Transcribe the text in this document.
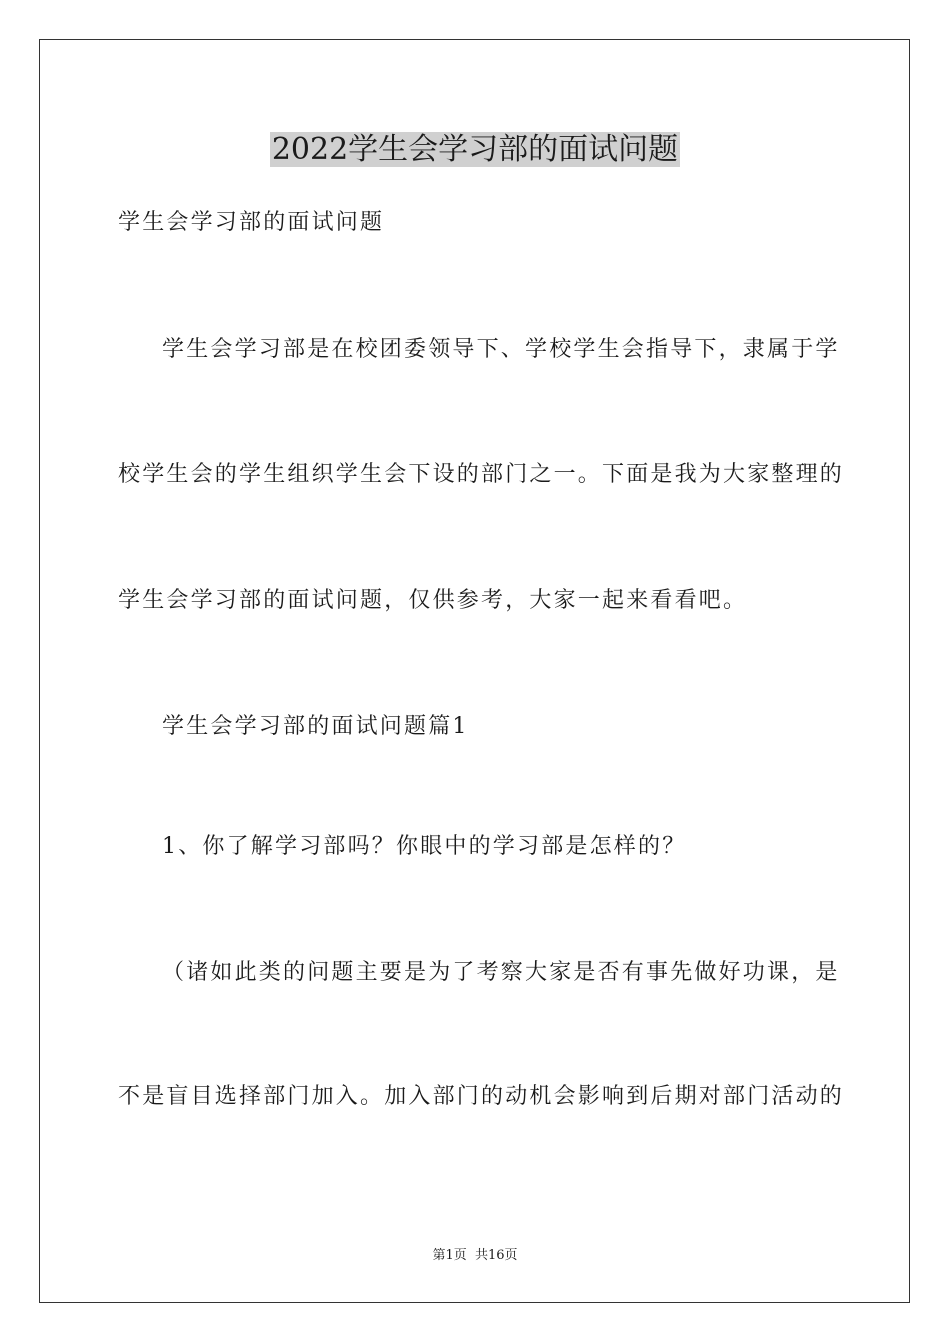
2022学生会学习部的面试问题

学生会学习部的面试问题

学生会学习部是在校团委领导下、学校学生会指导下，隶属于学

校学生会的学生组织学生会下设的部门之一。下面是我为大家整理的

学生会学习部的面试问题，仅供参考，大家一起来看看吧。

学生会学习部的面试问题篇1

1、你了解学习部吗？你眼中的学习部是怎样的？

（诸如此类的问题主要是为了考察大家是否有事先做好功课，是

不是盲目选择部门加入。加入部门的动机会影响到后期对部门活动的

第1页 共16页
